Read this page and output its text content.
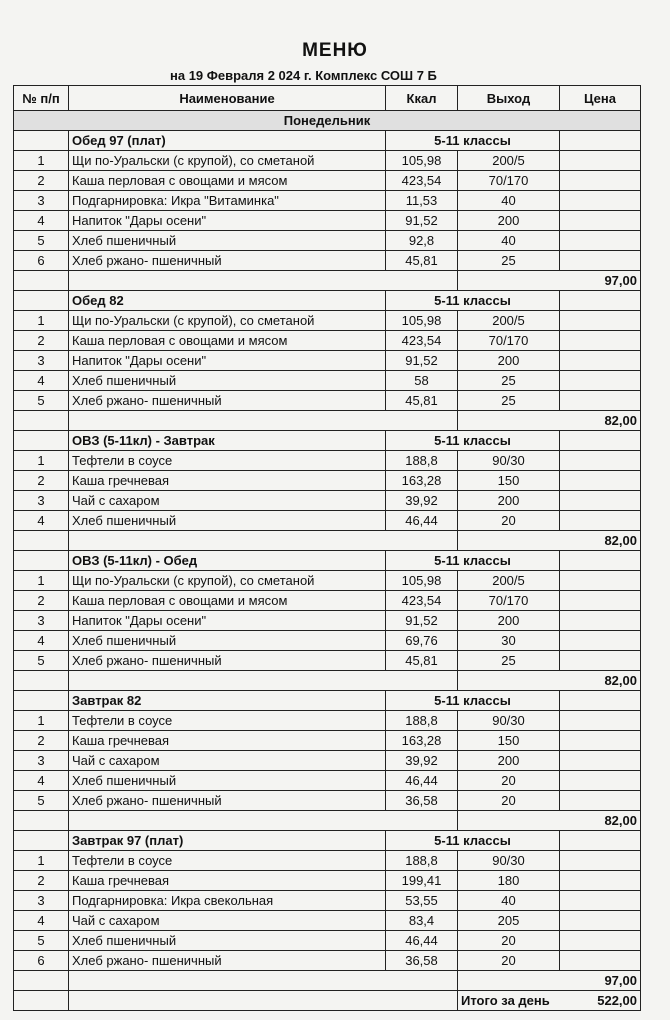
МЕНЮ
на 19 Февраля 2 024 г. Комплекс СОШ 7 Б
№ п/п	Наименование	Ккал	Выход	Цена
Понедельник				
	Обед 97 (плат)	5-11 классы		
1	Щи по-Уральски (с крупой), со сметаной	105,98	200/5	
2	Каша перловая с овощами и мясом	423,54	70/170	
3	Подгарнировка: Икра "Витаминка"	11,53	40	
4	Напиток "Дары осени"	91,52	200	
5	Хлеб пшеничный	92,8	40	
6	Хлеб ржано- пшеничный	45,81	25	
			97,00	
	Обед 82	5-11 классы		
1	Щи по-Уральски (с крупой), со сметаной	105,98	200/5	
2	Каша перловая с овощами и мясом	423,54	70/170	
3	Напиток "Дары осени"	91,52	200	
4	Хлеб пшеничный	58	25	
5	Хлеб ржано- пшеничный	45,81	25	
			82,00	
	ОВЗ (5-11кл) - Завтрак	5-11 классы		
1	Тефтели в соусе	188,8	90/30	
2	Каша гречневая	163,28	150	
3	Чай с сахаром	39,92	200	
4	Хлеб пшеничный	46,44	20	
			82,00	
	ОВЗ (5-11кл) - Обед	5-11 классы		
1	Щи по-Уральски (с крупой), со сметаной	105,98	200/5	
2	Каша перловая с овощами и мясом	423,54	70/170	
3	Напиток "Дары осени"	91,52	200	
4	Хлеб пшеничный	69,76	30	
5	Хлеб ржано- пшеничный	45,81	25	
			82,00	
	Завтрак 82	5-11 классы		
1	Тефтели в соусе	188,8	90/30	
2	Каша гречневая	163,28	150	
3	Чай с сахаром	39,92	200	
4	Хлеб пшеничный	46,44	20	
5	Хлеб ржано- пшеничный	36,58	20	
			82,00	
	Завтрак 97 (плат)	5-11 классы		
1	Тефтели в соусе	188,8	90/30	
2	Каша гречневая	199,41	180	
3	Подгарнировка: Икра свекольная	53,55	40	
4	Чай с сахаром	83,4	205	
5	Хлеб пшеничный	46,44	20	
6	Хлеб ржано- пшеничный	36,58	20	
			97,00	
			Итого за день 522,00	
